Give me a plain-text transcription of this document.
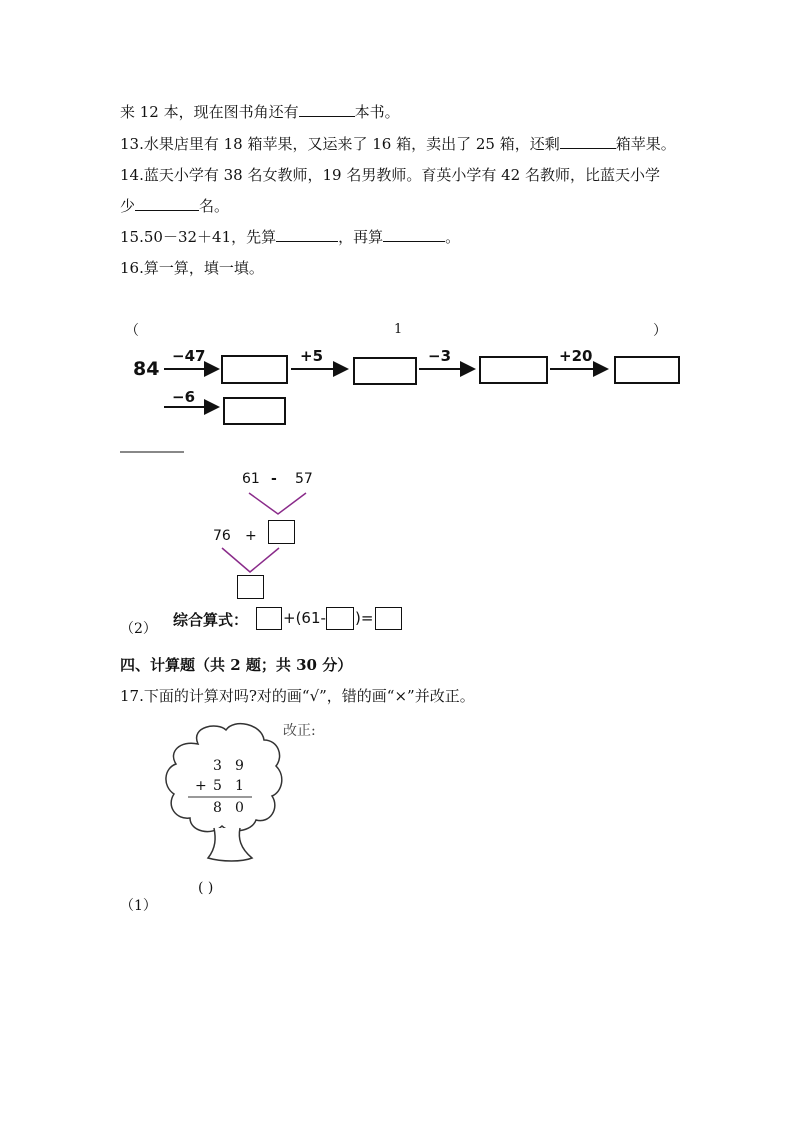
来 12 本，现在图书角还有	本书。
13.水果店里有 18 箱苹果，又运来了 16 箱，卖出了 25 箱，还剩	箱苹果。
14.蓝天小学有 38 名女教师，19 名男教师。育英小学有 42 名教师，比蓝天小学
少	名。
15.50－32＋41，先算	，再算	。
16.算一算，填一填。
（	1	）
84
−47	+5	−3	+20
−6
61 - 57
76 +
（2） 综合算式： +(61- )=
四、计算题（共 2 题；共 30 分）
17.下面的计算对吗?对的画“√”，错的画“×”并改正。
3 9
+ 5 1
8 0
( )
改正:
（1）
